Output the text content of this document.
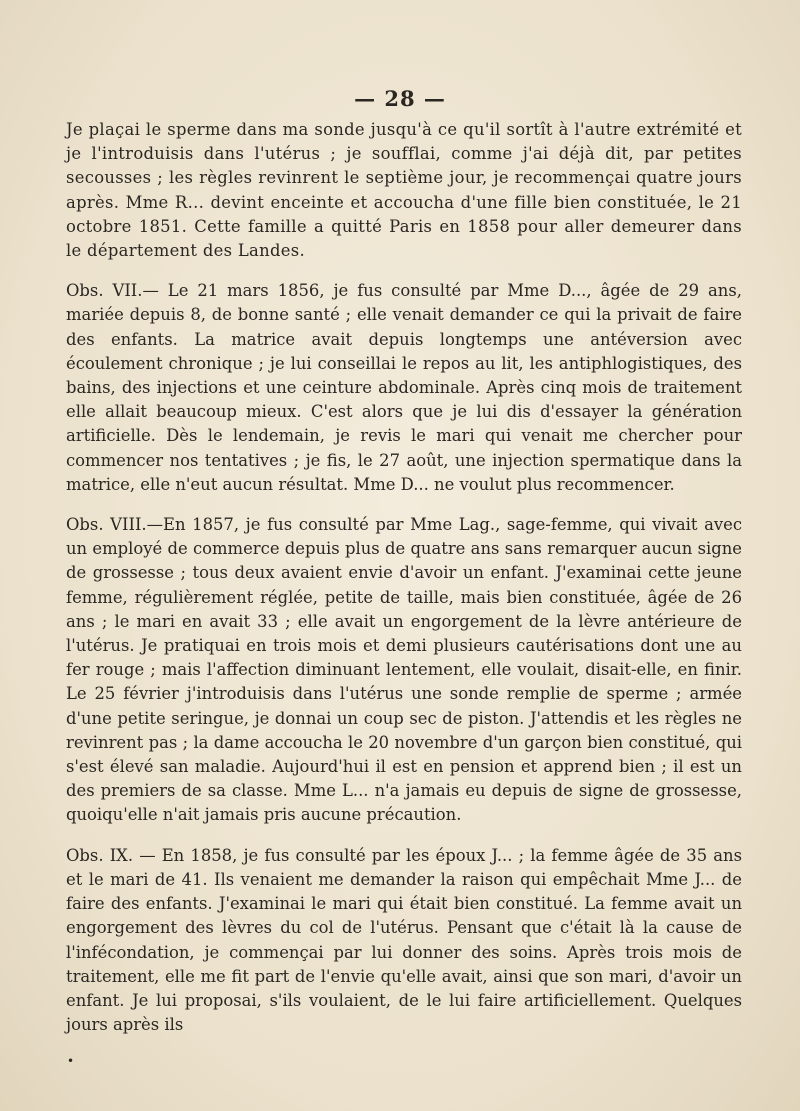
— 28 —

Je plaçai le sperme dans ma sonde jusqu'à ce qu'il sortît à l'autre extrémité et je l'introduisis dans l'utérus ; je soufflai, comme j'ai déjà dit, par petites secousses ; les règles revinrent le septième jour, je recommençai quatre jours après. Mme R... devint enceinte et accoucha d'une fille bien constituée, le 21 octobre 1851. Cette famille a quitté Paris en 1858 pour aller demeurer dans le département des Landes.

Obs. VII.— Le 21 mars 1856, je fus consulté par Mme D..., âgée de 29 ans, mariée depuis 8, de bonne santé ; elle venait demander ce qui la privait de faire des enfants. La matrice avait depuis longtemps une antéversion avec écoulement chronique ; je lui conseillai le repos au lit, les antiphlogistiques, des bains, des injections et une ceinture abdominale. Après cinq mois de traitement elle allait beaucoup mieux. C'est alors que je lui dis d'essayer la génération artificielle. Dès le lendemain, je revis le mari qui venait me chercher pour commencer nos tentatives ; je fis, le 27 août, une injection spermatique dans la matrice, elle n'eut aucun résultat. Mme D... ne voulut plus recommencer.

Obs. VIII.—En 1857, je fus consulté par Mme Lag., sage-femme, qui vivait avec un employé de commerce depuis plus de quatre ans sans remarquer aucun signe de grossesse ; tous deux avaient envie d'avoir un enfant. J'examinai cette jeune femme, régulièrement réglée, petite de taille, mais bien constituée, âgée de 26 ans ; le mari en avait 33 ; elle avait un engorgement de la lèvre antérieure de l'utérus. Je pratiquai en trois mois et demi plusieurs cautérisations dont une au fer rouge ; mais l'affection diminuant lentement, elle voulait, disait-elle, en finir. Le 25 février j'introduisis dans l'utérus une sonde remplie de sperme ; armée d'une petite seringue, je donnai un coup sec de piston. J'attendis et les règles ne revinrent pas ; la dame accoucha le 20 novembre d'un garçon bien constitué, qui s'est élevé san maladie. Aujourd'hui il est en pension et apprend bien ; il est un des premiers de sa classe. Mme L... n'a jamais eu depuis de signe de grossesse, quoiqu'elle n'ait jamais pris aucune précaution.

Obs. IX. — En 1858, je fus consulté par les époux J... ; la femme âgée de 35 ans et le mari de 41. Ils venaient me demander la raison qui empêchait Mme J... de faire des enfants. J'examinai le mari qui était bien constitué. La femme avait un engorgement des lèvres du col de l'utérus. Pensant que c'était là la cause de l'infécondation, je commençai par lui donner des soins. Après trois mois de traitement, elle me fit part de l'envie qu'elle avait, ainsi que son mari, d'avoir un enfant. Je lui proposai, s'ils voulaient, de le lui faire artificiellement. Quelques jours après ils

•
